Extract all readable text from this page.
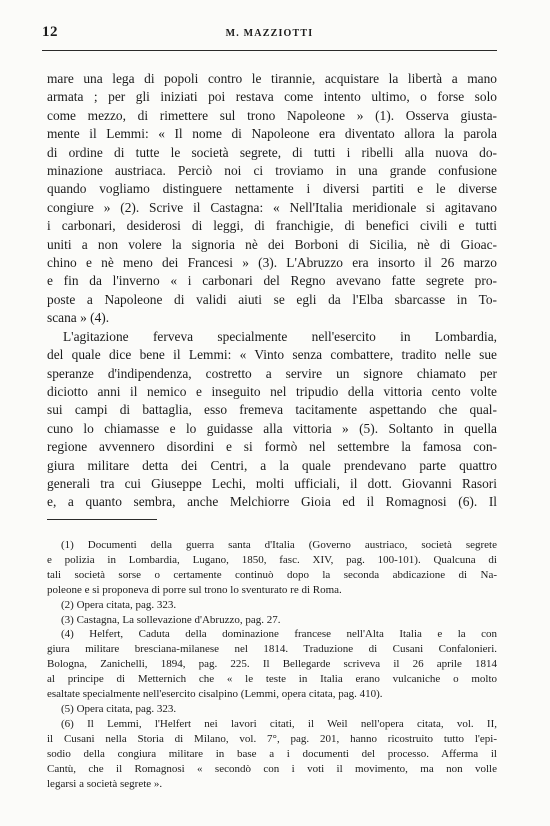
12	M. MAZZIOTTI
mare una lega di popoli contro le tirannie, acquistare la libertà a mano
armata ; per gli iniziati poi restava come intento ultimo, o forse solo
come mezzo, di rimettere sul trono Napoleone » (1). Osserva giusta-
mente il Lemmi: « Il nome di Napoleone era diventato allora la parola
di ordine di tutte le società segrete, di tutti i ribelli alla nuova do-
minazione austriaca. Perciò noi ci troviamo in una grande confusione
quando vogliamo distinguere nettamente i diversi partiti e le diverse
congiure » (2). Scrive il Castagna: « Nell'Italia meridionale si agitavano
i carbonari, desiderosi di leggi, di franchigie, di benefici civili e tutti
uniti a non volere la signoria nè dei Borboni di Sicilia, nè di Gioac-
chino e nè meno dei Francesi » (3). L'Abruzzo era insorto il 26 marzo
e fin da l'inverno « i carbonari del Regno avevano fatte segrete pro-
poste a Napoleone di validi aiuti se egli da l'Elba sbarcasse in To-
scana » (4).
L'agitazione ferveva specialmente nell'esercito in Lombardia,
del quale dice bene il Lemmi: « Vinto senza combattere, tradito nelle sue
speranze d'indipendenza, costretto a servire un signore chiamato per
diciotto anni il nemico e inseguito nel tripudio della vittoria cento volte
sui campi di battaglia, esso fremeva tacitamente aspettando che qual-
cuno lo chiamasse e lo guidasse alla vittoria » (5). Soltanto in quella
regione avvennero disordini e si formò nel settembre la famosa con-
giura militare detta dei Centri, a la quale prendevano parte quattro
generali tra cui Giuseppe Lechi, molti ufficiali, il dott. Giovanni Rasori
e, a quanto sembra, anche Melchiorre Gioia ed il Romagnosi (6). Il
(1) Documenti della guerra santa d'Italia (Governo austriaco, società segrete
e polizia in Lombardia, Lugano, 1850, fasc. XIV, pag. 100-101). Qualcuna di
tali società sorse o certamente continuò dopo la seconda abdicazione di Na-
poleone e si proponeva di porre sul trono lo sventurato re di Roma.
(2) Opera citata, pag. 323.
(3) Castagna, La sollevazione d'Abruzzo, pag. 27.
(4) Helfert, Caduta della dominazione francese nell'Alta Italia e la con
giura militare bresciana-milanese nel 1814. Traduzione di Cusani Confalonieri.
Bologna, Zanichelli, 1894, pag. 225. Il Bellegarde scriveva il 26 aprile 1814
al principe di Metternich che « le teste in Italia erano vulcaniche o molto
esaltate specialmente nell'esercito cisalpino (Lemmi, opera citata, pag. 410).
(5) Opera citata, pag. 323.
(6) Il Lemmi, l'Helfert nei lavori citati, il Weil nell'opera citata, vol. II,
il Cusani nella Storia di Milano, vol. 7°, pag. 201, hanno ricostruito tutto l'epi-
sodio della congiura militare in base a i documenti del processo. Afferma il
Cantù, che il Romagnosi « secondò con i voti il movimento, ma non volle
legarsi a società segrete ».
